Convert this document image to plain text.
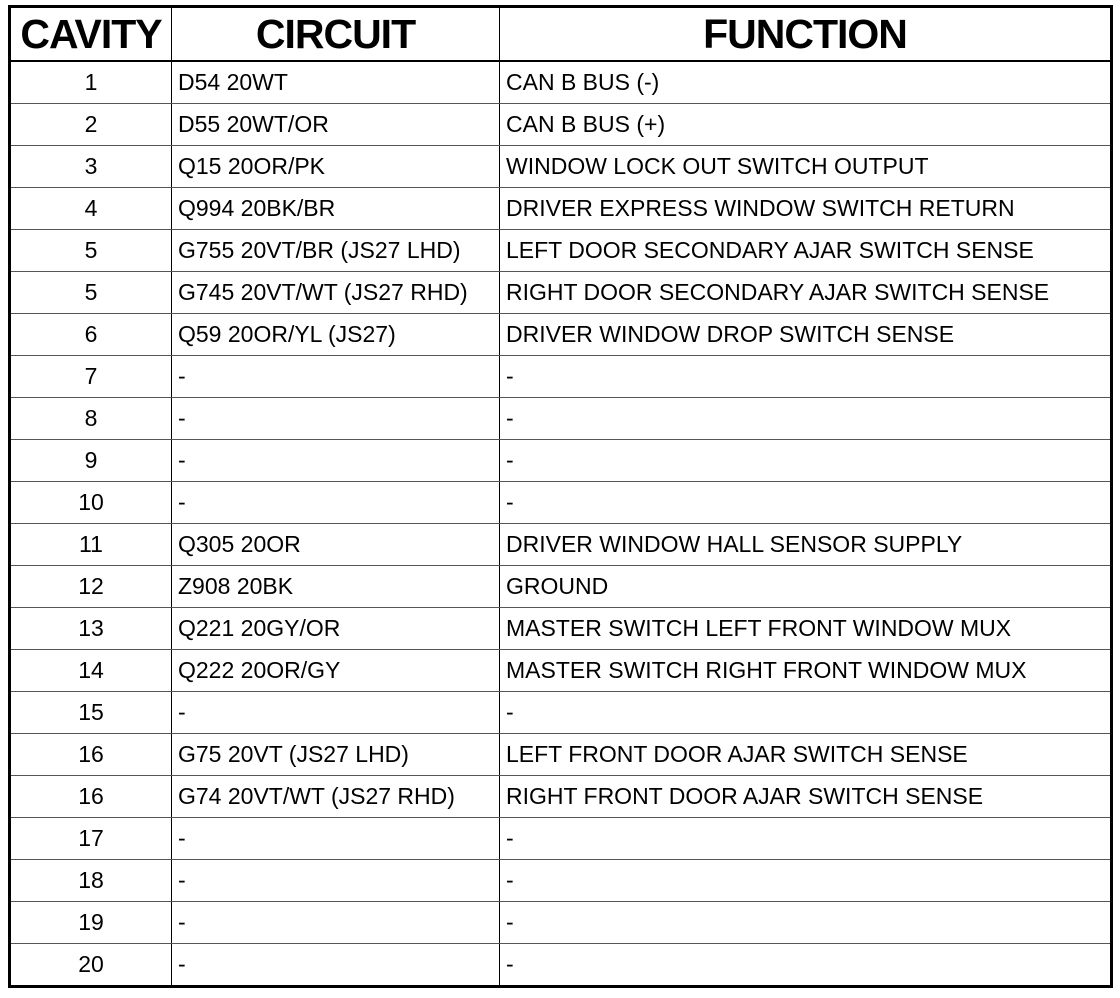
CAVITY	CIRCUIT	FUNCTION
1	D54 20WT	CAN B BUS (-)
2	D55 20WT/OR	CAN B BUS (+)
3	Q15 20OR/PK	WINDOW LOCK OUT SWITCH OUTPUT
4	Q994 20BK/BR	DRIVER EXPRESS WINDOW SWITCH RETURN
5	G755 20VT/BR (JS27 LHD)	LEFT DOOR SECONDARY AJAR SWITCH SENSE
5	G745 20VT/WT (JS27 RHD)	RIGHT DOOR SECONDARY AJAR SWITCH SENSE
6	Q59 20OR/YL (JS27)	DRIVER WINDOW DROP SWITCH SENSE
7	-	-
8	-	-
9	-	-
10	-	-
11	Q305 20OR	DRIVER WINDOW HALL SENSOR SUPPLY
12	Z908 20BK	GROUND
13	Q221 20GY/OR	MASTER SWITCH LEFT FRONT WINDOW MUX
14	Q222 20OR/GY	MASTER SWITCH RIGHT FRONT WINDOW MUX
15	-	-
16	G75 20VT (JS27 LHD)	LEFT FRONT DOOR AJAR SWITCH SENSE
16	G74 20VT/WT (JS27 RHD)	RIGHT FRONT DOOR AJAR SWITCH SENSE
17	-	-
18	-	-
19	-	-
20	-	-
